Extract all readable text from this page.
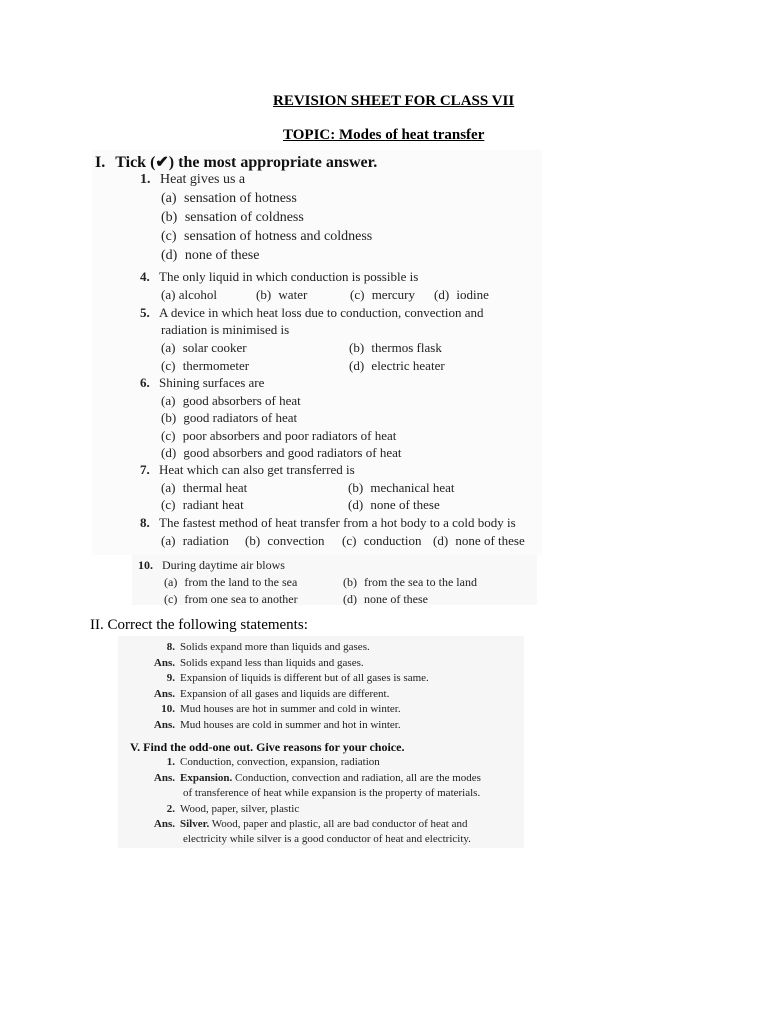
REVISION SHEET FOR CLASS VII
TOPIC: Modes of heat transfer
I. Tick (✔) the most appropriate answer.
1. Heat gives us a
(a) sensation of hotness
(b) sensation of coldness
(c) sensation of hotness and coldness
(d) none of these
4. The only liquid in which conduction is possible is
(a) alcohol	(b) water	(c) mercury (d) iodine
5. A device in which heat loss due to conduction, convection and
radiation is minimised is
(a) solar cooker	(b) thermos flask
(c) thermometer	(d) electric heater
6. Shining surfaces are
(a) good absorbers of heat
(b) good radiators of heat
(c) poor absorbers and poor radiators of heat
(d) good absorbers and good radiators of heat
7. Heat which can also get transferred is
(a) thermal heat	(b) mechanical heat
(c) radiant heat	(d) none of these
8. The fastest method of heat transfer from a hot body to a cold body is
(a) radiation (b) convection (c) conduction (d) none of these
10. During daytime air blows
(a) from the land to the sea	(b) from the sea to the land
(c) from one sea to another	(d) none of these
II. Correct the following statements:
8. Solids expand more than liquids and gases.
Ans. Solids expand less than liquids and gases.
9. Expansion of liquids is different but of all gases is same.
Ans. Expansion of all gases and liquids are different.
10. Mud houses are hot in summer and cold in winter.
Ans. Mud houses are cold in summer and hot in winter.
V. Find the odd-one out. Give reasons for your choice.
1. Conduction, convection, expansion, radiation
Ans. Expansion. Conduction, convection and radiation, all are the modes
of transference of heat while expansion is the property of materials.
2. Wood, paper, silver, plastic
Ans. Silver. Wood, paper and plastic, all are bad conductor of heat and
electricity while silver is a good conductor of heat and electricity.
